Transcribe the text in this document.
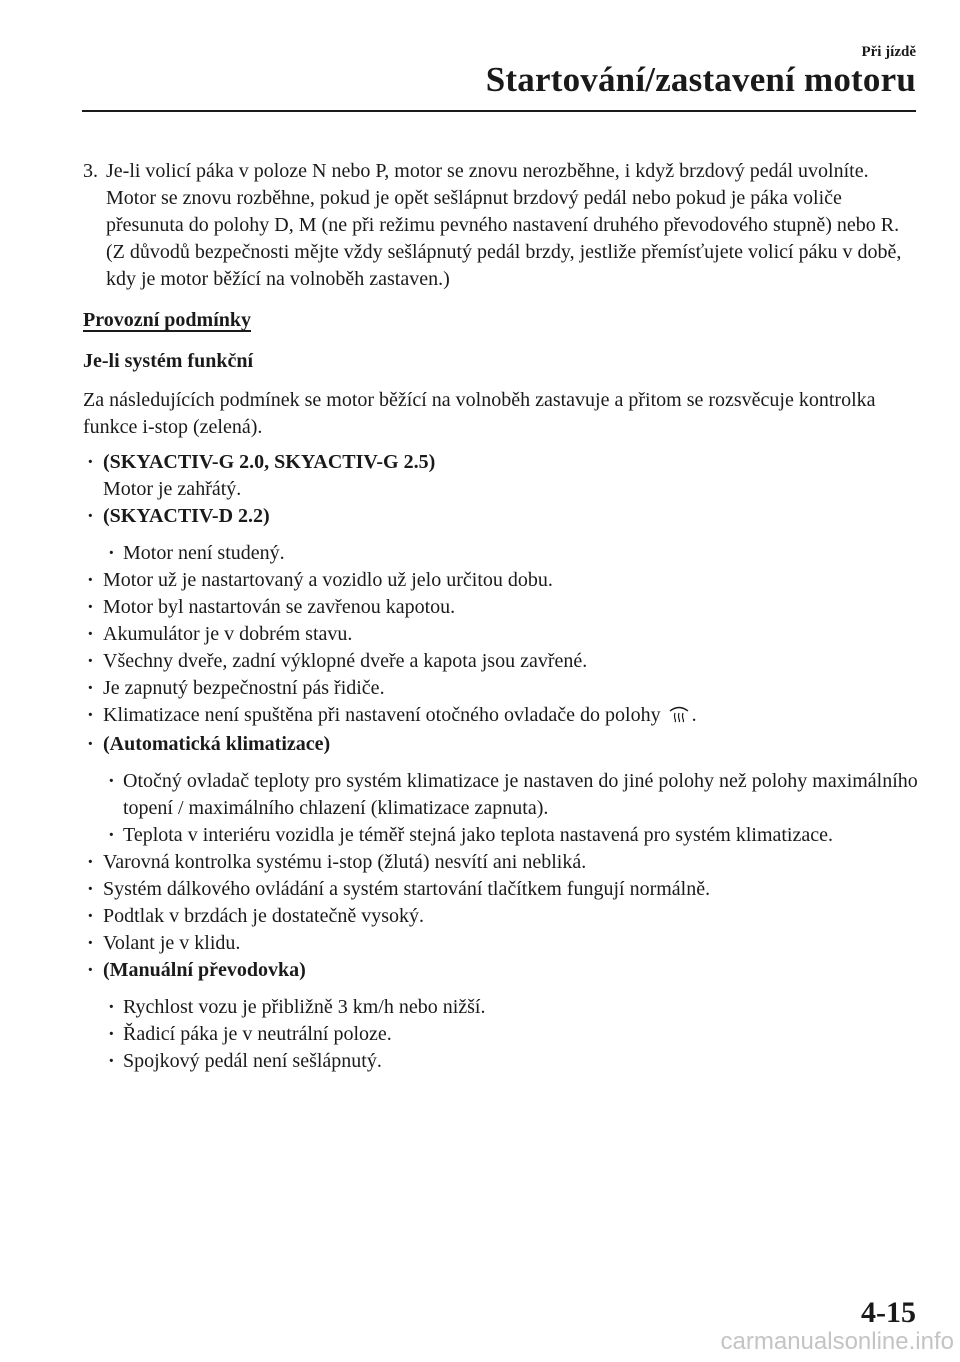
Při jízdě
Startování/zastavení motoru
3. Je-li volicí páka v poloze N nebo P, motor se znovu nerozběhne, i když brzdový pedál uvolníte. Motor se znovu rozběhne, pokud je opět sešlápnut brzdový pedál nebo pokud je páka voliče přesunuta do polohy D, M (ne při režimu pevného nastavení druhého převodového stupně) nebo R. (Z důvodů bezpečnosti mějte vždy sešlápnutý pedál brzdy, jestliže přemísťujete volicí páku v době, kdy je motor běžící na volnoběh zastaven.)
Provozní podmínky
Je-li systém funkční
Za následujících podmínek se motor běžící na volnoběh zastavuje a přitom se rozsvěcuje kontrolka funkce i-stop (zelená).
· (SKYACTIV-G 2.0, SKYACTIV-G 2.5)
Motor je zahřátý.
· (SKYACTIV-D 2.2)
· Motor není studený.
· Motor už je nastartovaný a vozidlo už jelo určitou dobu.
· Motor byl nastartován se zavřenou kapotou.
· Akumulátor je v dobrém stavu.
· Všechny dveře, zadní výklopné dveře a kapota jsou zavřené.
· Je zapnutý bezpečnostní pás řidiče.
· Klimatizace není spuštěna při nastavení otočného ovladače do polohy .
· (Automatická klimatizace)
· Otočný ovladač teploty pro systém klimatizace je nastaven do jiné polohy než polohy maximálního topení / maximálního chlazení (klimatizace zapnuta).
· Teplota v interiéru vozidla je téměř stejná jako teplota nastavená pro systém klimatizace.
· Varovná kontrolka systému i-stop (žlutá) nesvítí ani nebliká.
· Systém dálkového ovládání a systém startování tlačítkem fungují normálně.
· Podtlak v brzdách je dostatečně vysoký.
· Volant je v klidu.
· (Manuální převodovka)
· Rychlost vozu je přibližně 3 km/h nebo nižší.
· Řadicí páka je v neutrální poloze.
· Spojkový pedál není sešlápnutý.
4-15
carmanualsonline.info
